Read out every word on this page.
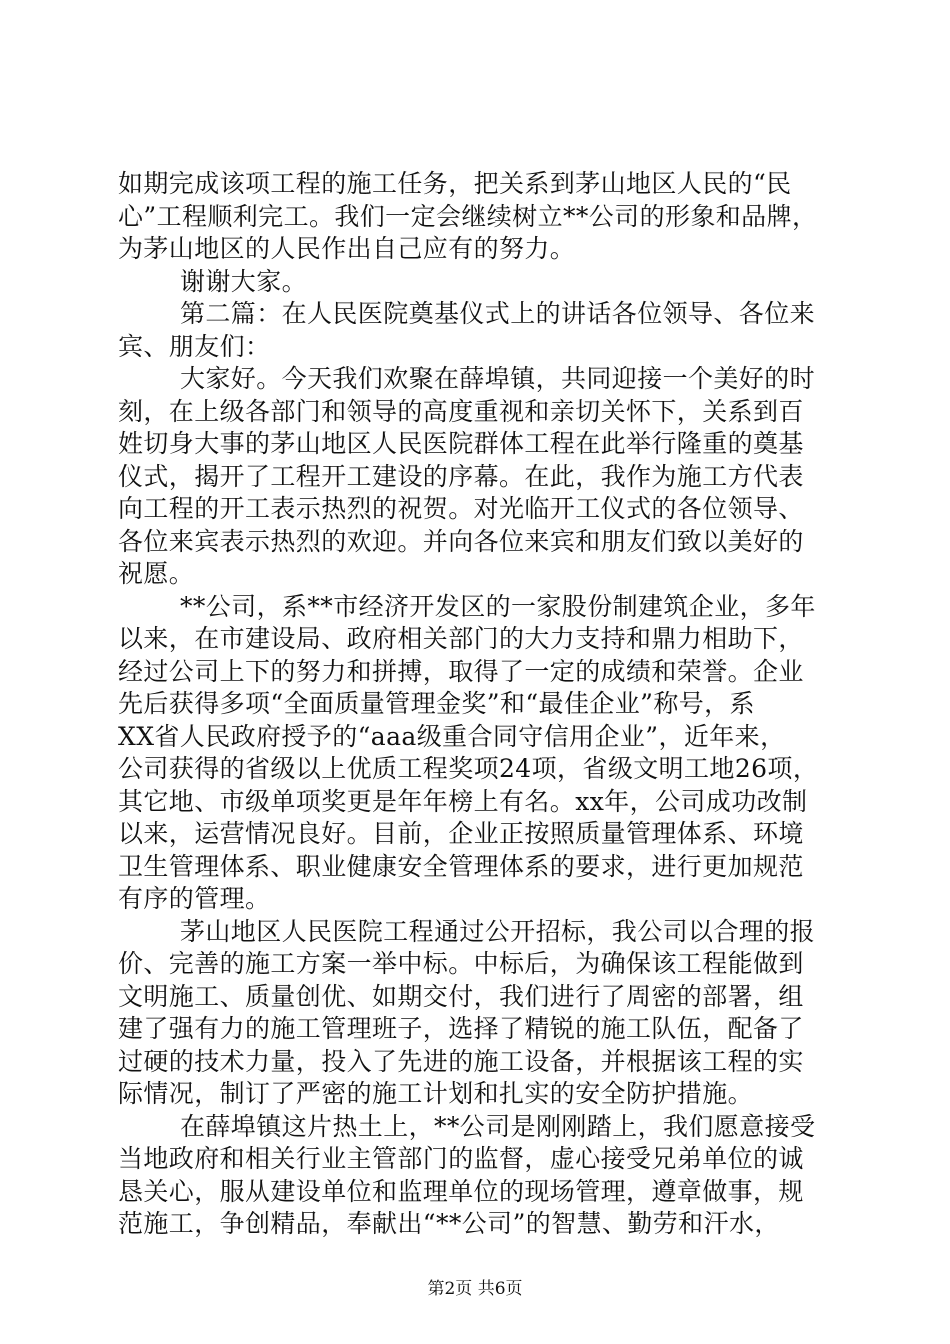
如期完成该项工程的施工任务，把关系到茅山地区人民的“民
心”工程顺利完工。我们一定会继续树立**公司的形象和品牌，
为茅山地区的人民作出自己应有的努力。
谢谢大家。
第二篇：在人民医院奠基仪式上的讲话各位领导、各位来
宾、朋友们：
大家好。今天我们欢聚在薛埠镇，共同迎接一个美好的时
刻，在上级各部门和领导的高度重视和亲切关怀下，关系到百
姓切身大事的茅山地区人民医院群体工程在此举行隆重的奠基
仪式，揭开了工程开工建设的序幕。在此，我作为施工方代表
向工程的开工表示热烈的祝贺。对光临开工仪式的各位领导、
各位来宾表示热烈的欢迎。并向各位来宾和朋友们致以美好的
祝愿。
**公司，系**市经济开发区的一家股份制建筑企业，多年
以来，在市建设局、政府相关部门的大力支持和鼎力相助下，
经过公司上下的努力和拼搏，取得了一定的成绩和荣誉。企业
先后获得多项“全面质量管理金奖”和“最佳企业”称号，系
XX省人民政府授予的“aaa级重合同守信用企业”，近年来，
公司获得的省级以上优质工程奖项24项，省级文明工地26项，
其它地、市级单项奖更是年年榜上有名。xx年，公司成功改制
以来，运营情况良好。目前，企业正按照质量管理体系、环境
卫生管理体系、职业健康安全管理体系的要求，进行更加规范
有序的管理。
茅山地区人民医院工程通过公开招标，我公司以合理的报
价、完善的施工方案一举中标。中标后，为确保该工程能做到
文明施工、质量创优、如期交付，我们进行了周密的部署，组
建了强有力的施工管理班子，选择了精锐的施工队伍，配备了
过硬的技术力量，投入了先进的施工设备，并根据该工程的实
际情况，制订了严密的施工计划和扎实的安全防护措施。
在薛埠镇这片热土上，**公司是刚刚踏上，我们愿意接受
当地政府和相关行业主管部门的监督，虚心接受兄弟单位的诚
恳关心，服从建设单位和监理单位的现场管理，遵章做事，规
范施工，争创精品，奉献出“**公司”的智慧、勤劳和汗水，
第2页 共6页
